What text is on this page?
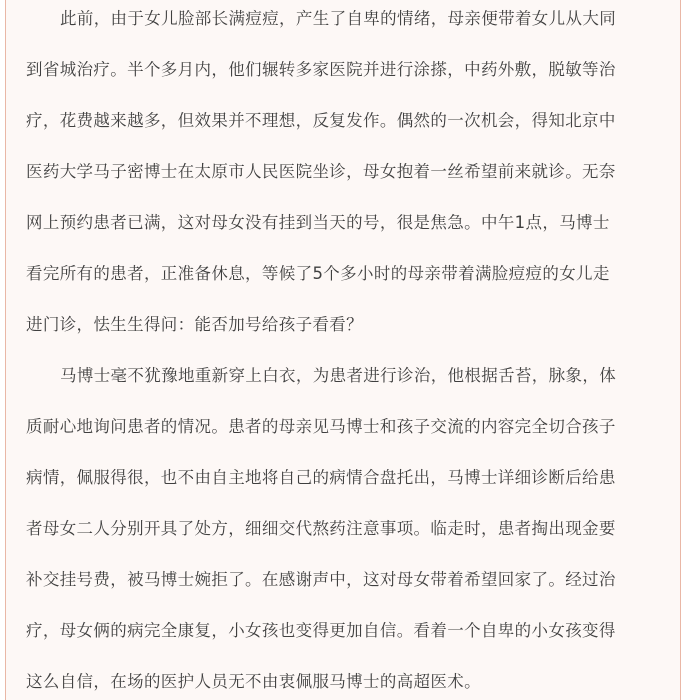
此前，由于女儿脸部长满痘痘，产生了自卑的情绪，母亲便带着女儿从大同

到省城治疗。半个多月内，他们辗转多家医院并进行涂搽，中药外敷，脱敏等治

疗，花费越来越多，但效果并不理想，反复发作。偶然的一次机会，得知北京中

医药大学马子密博士在太原市人民医院坐诊，母女抱着一丝希望前来就诊。无奈

网上预约患者已满，这对母女没有挂到当天的号，很是焦急。中午1点，马博士

看完所有的患者，正准备休息，等候了5个多小时的母亲带着满脸痘痘的女儿走

进门诊，怯生生得问：能否加号给孩子看看？

马博士毫不犹豫地重新穿上白衣，为患者进行诊治，他根据舌苔，脉象，体

质耐心地询问患者的情况。患者的母亲见马博士和孩子交流的内容完全切合孩子

病情，佩服得很，也不由自主地将自己的病情合盘托出，马博士详细诊断后给患

者母女二人分别开具了处方，细细交代熬药注意事项。临走时，患者掏出现金要

补交挂号费，被马博士婉拒了。在感谢声中，这对母女带着希望回家了。经过治

疗，母女俩的病完全康复，小女孩也变得更加自信。看着一个自卑的小女孩变得

这么自信，在场的医护人员无不由衷佩服马博士的高超医术。
